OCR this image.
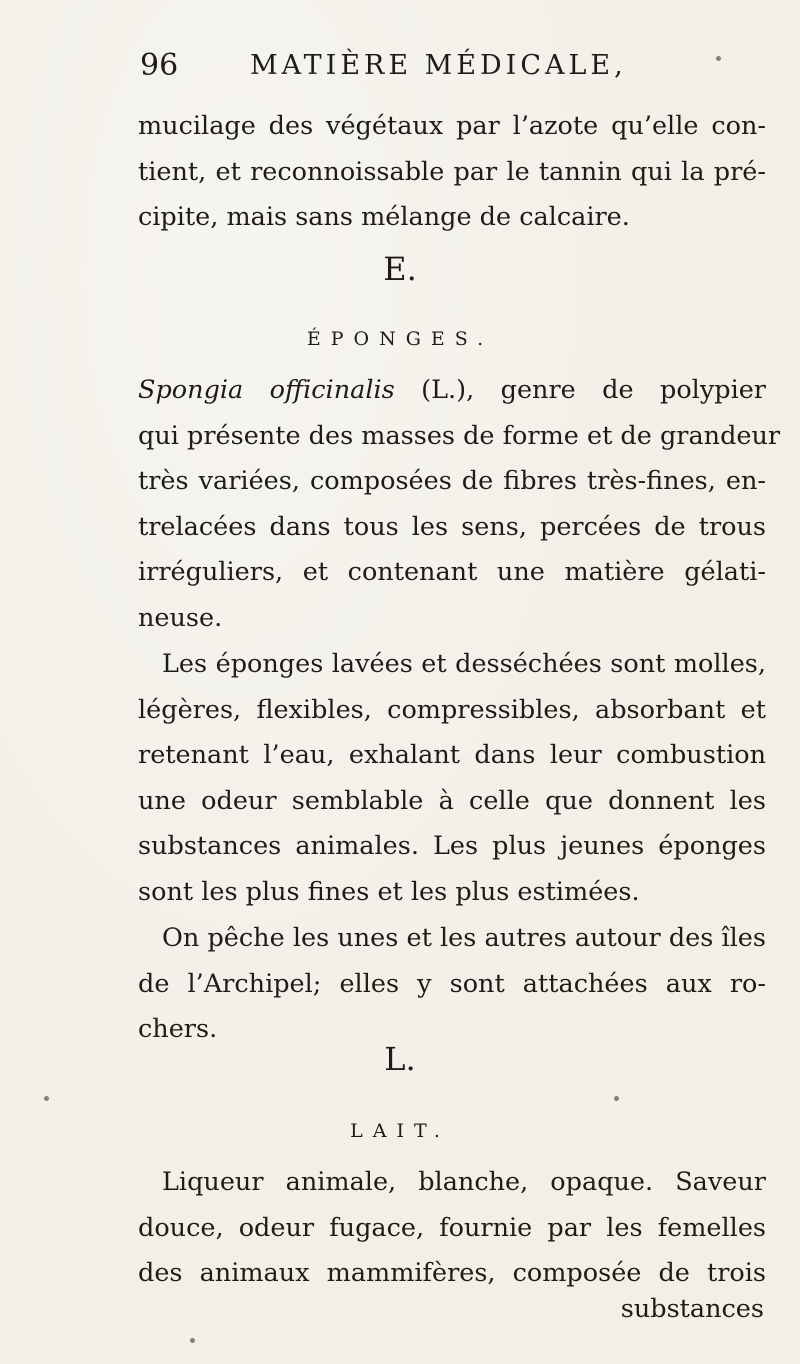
96	MATIÈRE MÉDICALE,
mucilage des végétaux par l’azote qu’elle con-
tient, et reconnoissable par le tannin qui la pré-
cipite, mais sans mélange de calcaire.
E.
ÉPONGES.
Spongia officinalis (L.), genre de polypier
qui présente des masses de forme et de grandeur
très variées, composées de fibres très-fines, en-
trelacées dans tous les sens, percées de trous
irréguliers, et contenant une matière gélati-
neuse.
Les éponges lavées et desséchées sont molles,
légères, flexibles, compressibles, absorbant et
retenant l’eau, exhalant dans leur combustion
une odeur semblable à celle que donnent les
substances animales. Les plus jeunes éponges
sont les plus fines et les plus estimées.
On pêche les unes et les autres autour des îles
de l’Archipel; elles y sont attachées aux ro-
chers.
L.
LAIT.
Liqueur animale, blanche, opaque. Saveur
douce, odeur fugace, fournie par les femelles
des animaux mammifères, composée de trois
substances
